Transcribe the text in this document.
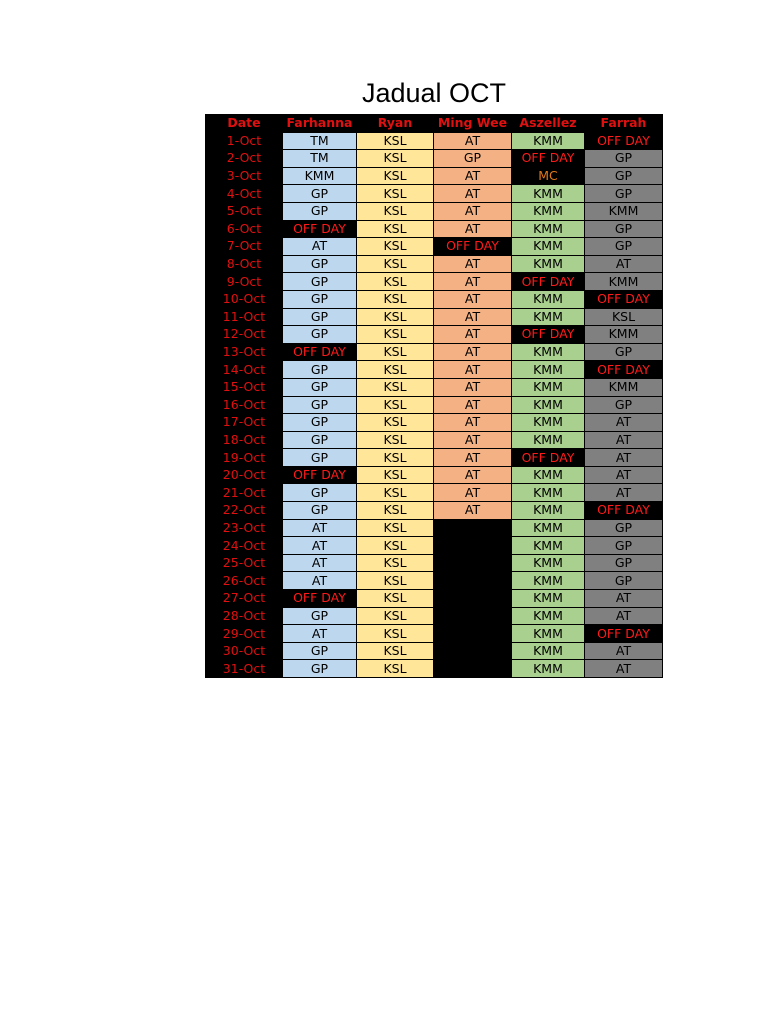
Jadual OCT
Date	Farhanna	Ryan	Ming Wee	Aszellez	Farrah
1-Oct	TM	KSL	AT	KMM	OFF DAY
2-Oct	TM	KSL	GP	OFF DAY	GP
3-Oct	KMM	KSL	AT	MC	GP
4-Oct	GP	KSL	AT	KMM	GP
5-Oct	GP	KSL	AT	KMM	KMM
6-Oct	OFF DAY	KSL	AT	KMM	GP
7-Oct	AT	KSL	OFF DAY	KMM	GP
8-Oct	GP	KSL	AT	KMM	AT
9-Oct	GP	KSL	AT	OFF DAY	KMM
10-Oct	GP	KSL	AT	KMM	OFF DAY
11-Oct	GP	KSL	AT	KMM	KSL
12-Oct	GP	KSL	AT	OFF DAY	KMM
13-Oct	OFF DAY	KSL	AT	KMM	GP
14-Oct	GP	KSL	AT	KMM	OFF DAY
15-Oct	GP	KSL	AT	KMM	KMM
16-Oct	GP	KSL	AT	KMM	GP
17-Oct	GP	KSL	AT	KMM	AT
18-Oct	GP	KSL	AT	KMM	AT
19-Oct	GP	KSL	AT	OFF DAY	AT
20-Oct	OFF DAY	KSL	AT	KMM	AT
21-Oct	GP	KSL	AT	KMM	AT
22-Oct	GP	KSL	AT	KMM	OFF DAY
23-Oct	AT	KSL		KMM	GP
24-Oct	AT	KSL		KMM	GP
25-Oct	AT	KSL		KMM	GP
26-Oct	AT	KSL		KMM	GP
27-Oct	OFF DAY	KSL		KMM	AT
28-Oct	GP	KSL		KMM	AT
29-Oct	AT	KSL		KMM	OFF DAY
30-Oct	GP	KSL		KMM	AT
31-Oct	GP	KSL		KMM	AT
